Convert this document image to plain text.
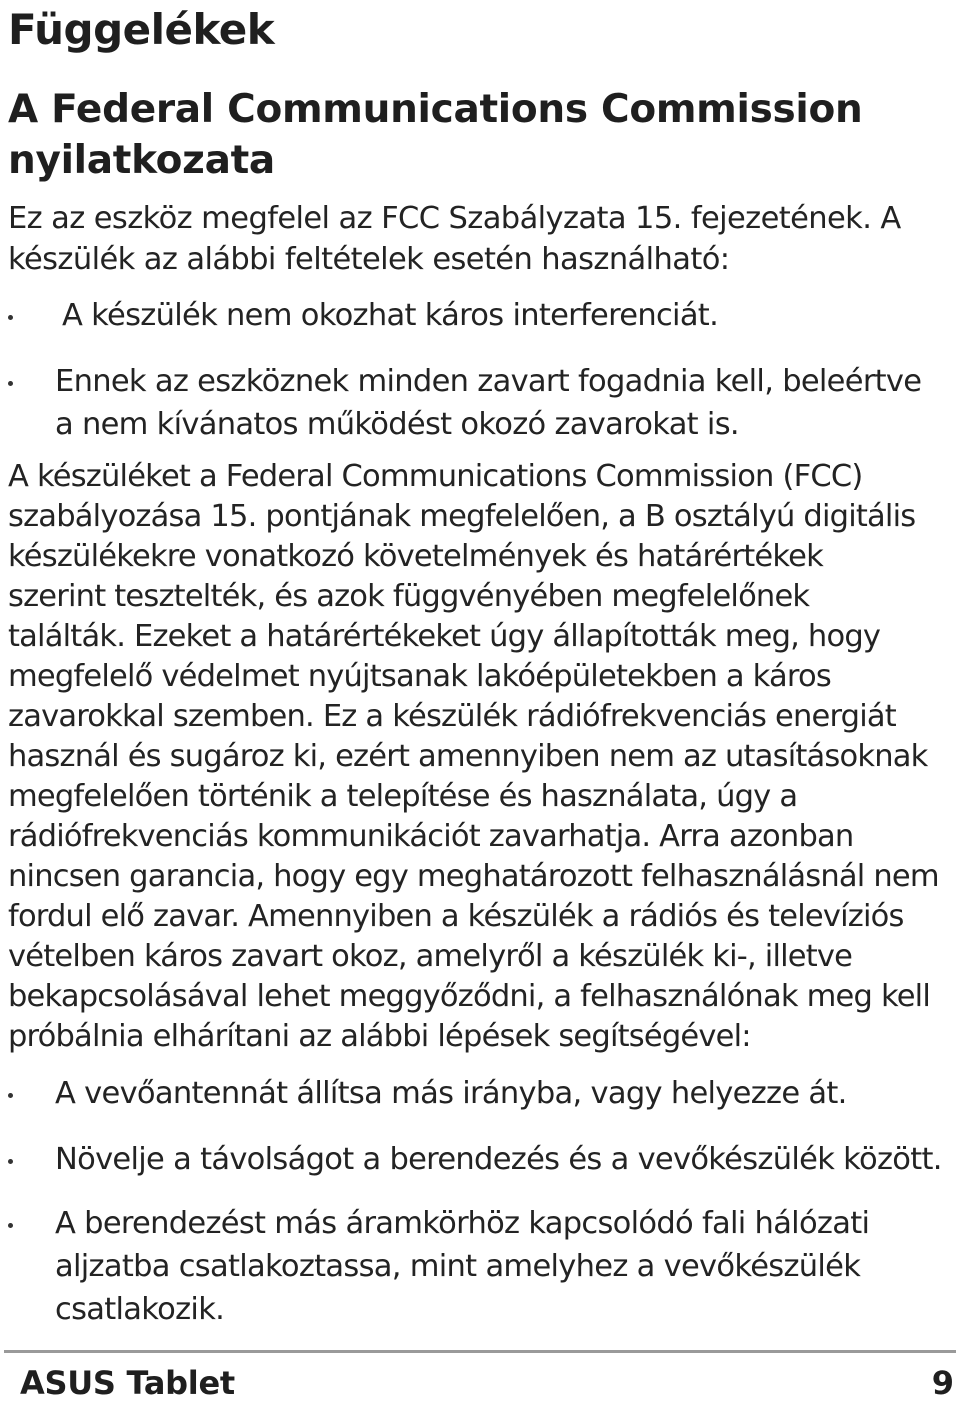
Függelékek
A Federal Communications Commission
nyilatkozata

Ez az eszköz megfelel az FCC Szabályzata 15. fejezetének. A
készülék az alábbi feltételek esetén használható:

A készülék nem okozhat káros interferenciát.
Ennek az eszköznek minden zavart fogadnia kell, beleértve
a nem kívánatos működést okozó zavarokat is.

A készüléket a Federal Communications Commission (FCC)
szabályozása 15. pontjának megfelelően, a B osztályú digitális
készülékekre vonatkozó követelmények és határértékek
szerint tesztelték, és azok függvényében megfelelőnek
találták. Ezeket a határértékeket úgy állapították meg, hogy
megfelelő védelmet nyújtsanak lakóépületekben a káros
zavarokkal szemben. Ez a készülék rádiófrekvenciás energiát
használ és sugároz ki, ezért amennyiben nem az utasításoknak
megfelelően történik a telepítése és használata, úgy a
rádiófrekvenciás kommunikációt zavarhatja. Arra azonban
nincsen garancia, hogy egy meghatározott felhasználásnál nem
fordul elő zavar. Amennyiben a készülék a rádiós és televíziós
vételben káros zavart okoz, amelyről a készülék ki-, illetve
bekapcsolásával lehet meggyőződni, a felhasználónak meg kell
próbálnia elhárítani az alábbi lépések segítségével:

A vevőantennát állítsa más irányba, vagy helyezze át.
Növelje a távolságot a berendezés és a vevőkészülék között.
A berendezést más áramkörhöz kapcsolódó fali hálózati
aljzatba csatlakoztassa, mint amelyhez a vevőkészülék
csatlakozik.
ASUS Tablet	9
